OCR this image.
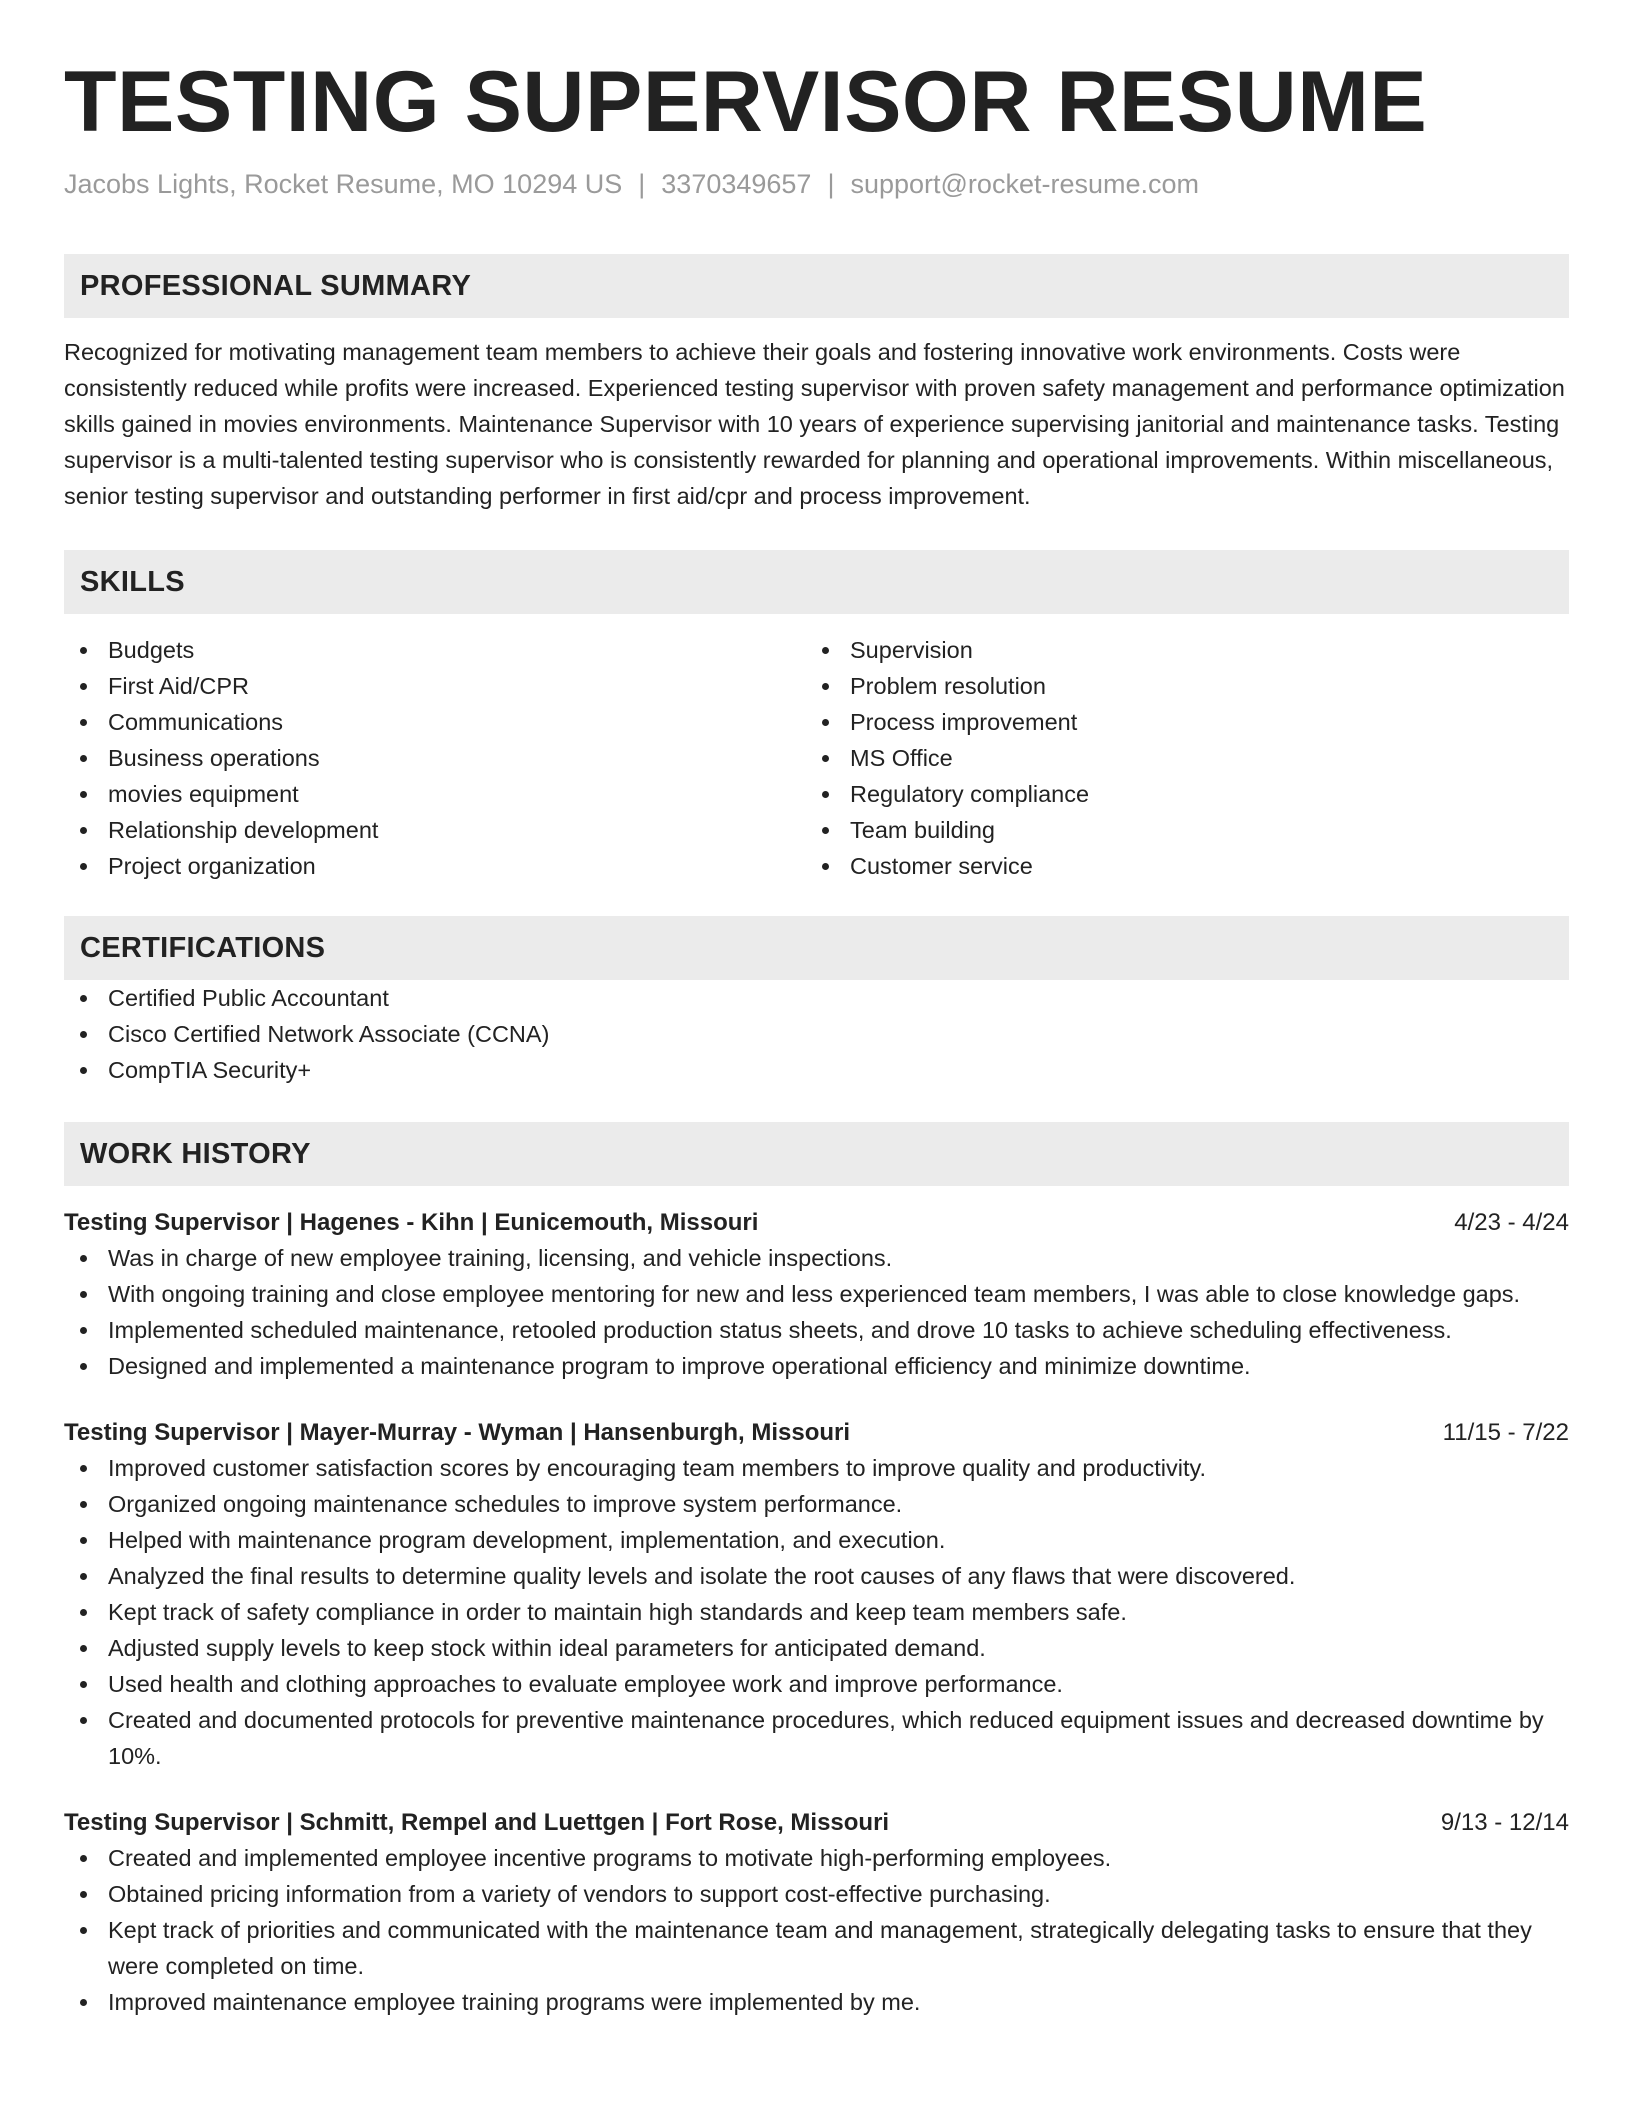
TESTING SUPERVISOR RESUME
Jacobs Lights, Rocket Resume, MO 10294 US | 3370349657 | support@rocket-resume.com
PROFESSIONAL SUMMARY
Recognized for motivating management team members to achieve their goals and fostering innovative work environments. Costs were consistently reduced while profits were increased. Experienced testing supervisor with proven safety management and performance optimization skills gained in movies environments. Maintenance Supervisor with 10 years of experience supervising janitorial and maintenance tasks. Testing supervisor is a multi-talented testing supervisor who is consistently rewarded for planning and operational improvements. Within miscellaneous, senior testing supervisor and outstanding performer in first aid/cpr and process improvement.
SKILLS
Budgets
First Aid/CPR
Communications
Business operations
movies equipment
Relationship development
Project organization
Supervision
Problem resolution
Process improvement
MS Office
Regulatory compliance
Team building
Customer service
CERTIFICATIONS
Certified Public Accountant
Cisco Certified Network Associate (CCNA)
CompTIA Security+
WORK HISTORY
Testing Supervisor | Hagenes - Kihn | Eunicemouth, Missouri	4/23 - 4/24
Was in charge of new employee training, licensing, and vehicle inspections.
With ongoing training and close employee mentoring for new and less experienced team members, I was able to close knowledge gaps.
Implemented scheduled maintenance, retooled production status sheets, and drove 10 tasks to achieve scheduling effectiveness.
Designed and implemented a maintenance program to improve operational efficiency and minimize downtime.
Testing Supervisor | Mayer-Murray - Wyman | Hansenburgh, Missouri	11/15 - 7/22
Improved customer satisfaction scores by encouraging team members to improve quality and productivity.
Organized ongoing maintenance schedules to improve system performance.
Helped with maintenance program development, implementation, and execution.
Analyzed the final results to determine quality levels and isolate the root causes of any flaws that were discovered.
Kept track of safety compliance in order to maintain high standards and keep team members safe.
Adjusted supply levels to keep stock within ideal parameters for anticipated demand.
Used health and clothing approaches to evaluate employee work and improve performance.
Created and documented protocols for preventive maintenance procedures, which reduced equipment issues and decreased downtime by 10%.
Testing Supervisor | Schmitt, Rempel and Luettgen | Fort Rose, Missouri	9/13 - 12/14
Created and implemented employee incentive programs to motivate high-performing employees.
Obtained pricing information from a variety of vendors to support cost-effective purchasing.
Kept track of priorities and communicated with the maintenance team and management, strategically delegating tasks to ensure that they were completed on time.
Improved maintenance employee training programs were implemented by me.
